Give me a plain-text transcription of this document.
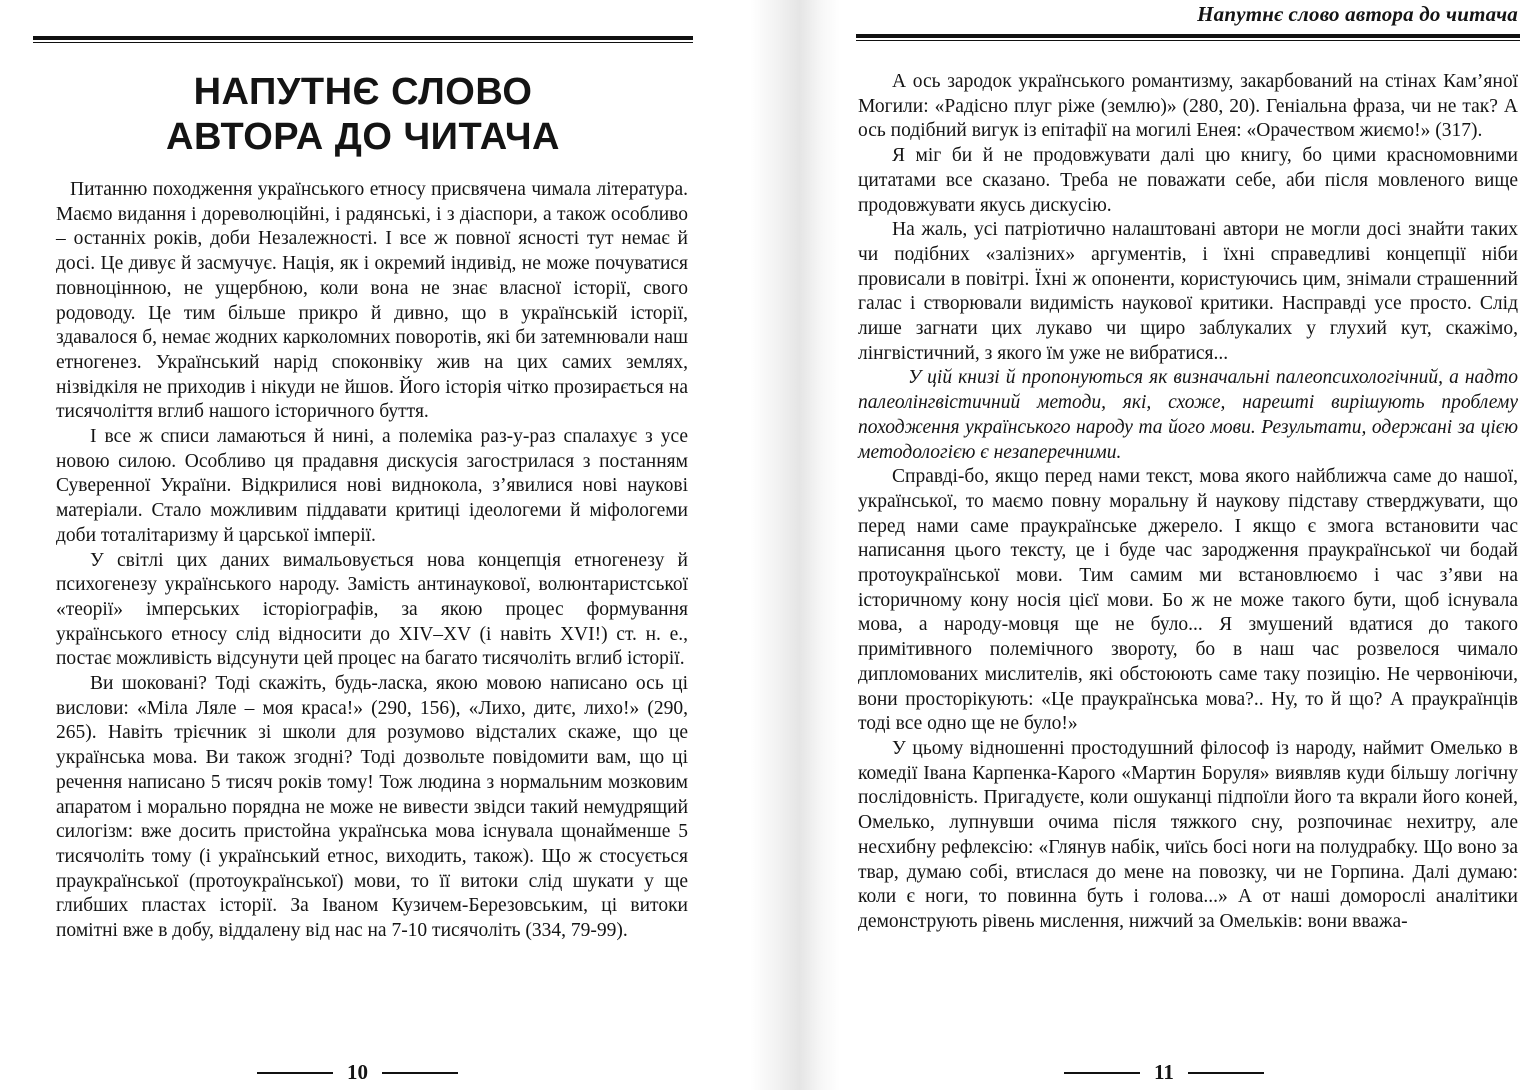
НАПУТНЄ СЛОВО
АВТОРА ДО ЧИТАЧА

Питанню походження українського етносу присвячена чимала література. Маємо видання і дореволюційні, і радянські, і з діаспори, а також особливо – останніх років, доби Незалежності. І все ж повної ясності тут немає й досі. Це дивує й засмучує. Нація, як і окремий індивід, не може почуватися повноцінною, не ущербною, коли вона не знає власної історії, свого родоводу. Це тим більше прикро й дивно, що в українській історії, здавалося б, немає жодних карколомних поворотів, які би затемнювали наш етногенез. Український нарід споконвіку жив на цих самих землях, нізвідкіля не приходив і нікуди не йшов. Його історія чітко прозирається на тисячоліття вглиб нашого історичного буття.

І все ж списи ламаються й нині, а полеміка раз-у-раз спалахує з усе новою силою. Особливо ця прадавня дискусія загострилася з постанням Суверенної України. Відкрилися нові виднокола, з’явилися нові наукові матеріали. Стало можливим піддавати критиці ідеологеми й міфологеми доби тоталітаризму й царської імперії.

У світлі цих даних вимальовується нова концепція етногенезу й психогенезу українського народу. Замість антинаукової, волюнтаристської «теорії» імперських історіографів, за якою процес формування українського етносу слід відносити до XIV–XV (і навіть XVI!) ст. н. е., постає можливість відсунути цей процес на багато тисячоліть вглиб історії.

Ви шоковані? Тоді скажіть, будь-ласка, якою мовою написано ось ці вислови: «Міла Ляле – моя краса!» (290, 156), «Лихо, дитє, лихо!» (290, 265). Навіть трієчник зі школи для розумово відсталих скаже, що це українська мова. Ви також згодні? Тоді дозвольте повідомити вам, що ці речення написано 5 тисяч років тому! Тож людина з нормальним мозковим апаратом і морально порядна не може не вивести звідси такий немудрящий силогізм: вже досить пристойна українська мова існувала щонайменше 5 тисячоліть тому (і український етнос, виходить, також). Що ж стосується праукраїнської (протоукраїнської) мови, то її витоки слід шукати у ще глибших пластах історії. За Іваном Кузичем-Березовським, ці витоки помітні вже в добу, віддалену від нас на 7-10 тисячоліть (334, 79-99).

10
Напутнє слово автора до читача

А ось зародок українського романтизму, закарбований на стінах Кам’яної Могили: «Радісно плуг ріже (землю)» (280, 20). Геніальна фраза, чи не так? А ось подібний вигук із епітафії на могилі Енея: «Орачеством жиємо!» (317).

Я міг би й не продовжувати далі цю книгу, бо цими красномовними цитатами все сказано. Треба не поважати себе, аби після мовленого вище продовжувати якусь дискусію.

На жаль, усі патріотично налаштовані автори не могли досі знайти таких чи подібних «залізних» аргументів, і їхні справедливі концепції ніби провисали в повітрі. Їхні ж опоненти, користуючись цим, знімали страшенний галас і створювали видимість наукової критики. Насправді усе просто. Слід лише загнати цих лукаво чи щиро заблукалих у глухий кут, скажімо, лінгвістичний, з якого їм уже не вибратися...

У цій книзі й пропонуються як визначальні палеопсихологічний, а надто палеолінгвістичний методи, які, схоже, нарешті вирішують проблему походження українського народу та його мови. Результати, одержані за цією методологією є незаперечними.

Справді-бо, якщо перед нами текст, мова якого найближча саме до нашої, української, то маємо повну моральну й наукову підставу стверджувати, що перед нами саме праукраїнське джерело. І якщо є змога встановити час написання цього тексту, це і буде час зародження праукраїнської чи бодай протоукраїнської мови. Тим самим ми встановлюємо і час з’яви на історичному кону носія цієї мови. Бо ж не може такого бути, щоб існувала мова, а народу-мовця ще не було... Я змушений вдатися до такого примітивного полемічного звороту, бо в наш час розвелося чимало дипломованих мислителів, які обстоюють саме таку позицію. Не червоніючи, вони просторікують: «Це праукраїнська мова?.. Ну, то й що? А праукраїнців тоді все одно ще не було!»

У цьому відношенні простодушний філософ із народу, наймит Омелько в комедії Івана Карпенка-Карого «Мартин Боруля» виявляв куди більшу логічну послідовність. Пригадуєте, коли ошуканці підпоїли його та вкрали його коней, Омелько, лупнувши очима після тяжкого сну, розпочинає нехитру, але несхибну рефлексію: «Глянув набік, чиїсь босі ноги на полудрабку. Що воно за твар, думаю собі, втислася до мене на повозку, чи не Горпина. Далі думаю: коли є ноги, то повинна буть і голова...» А от наші доморослі аналітики демонструють рівень мислення, нижчий за Омельків: вони вважа-

11
